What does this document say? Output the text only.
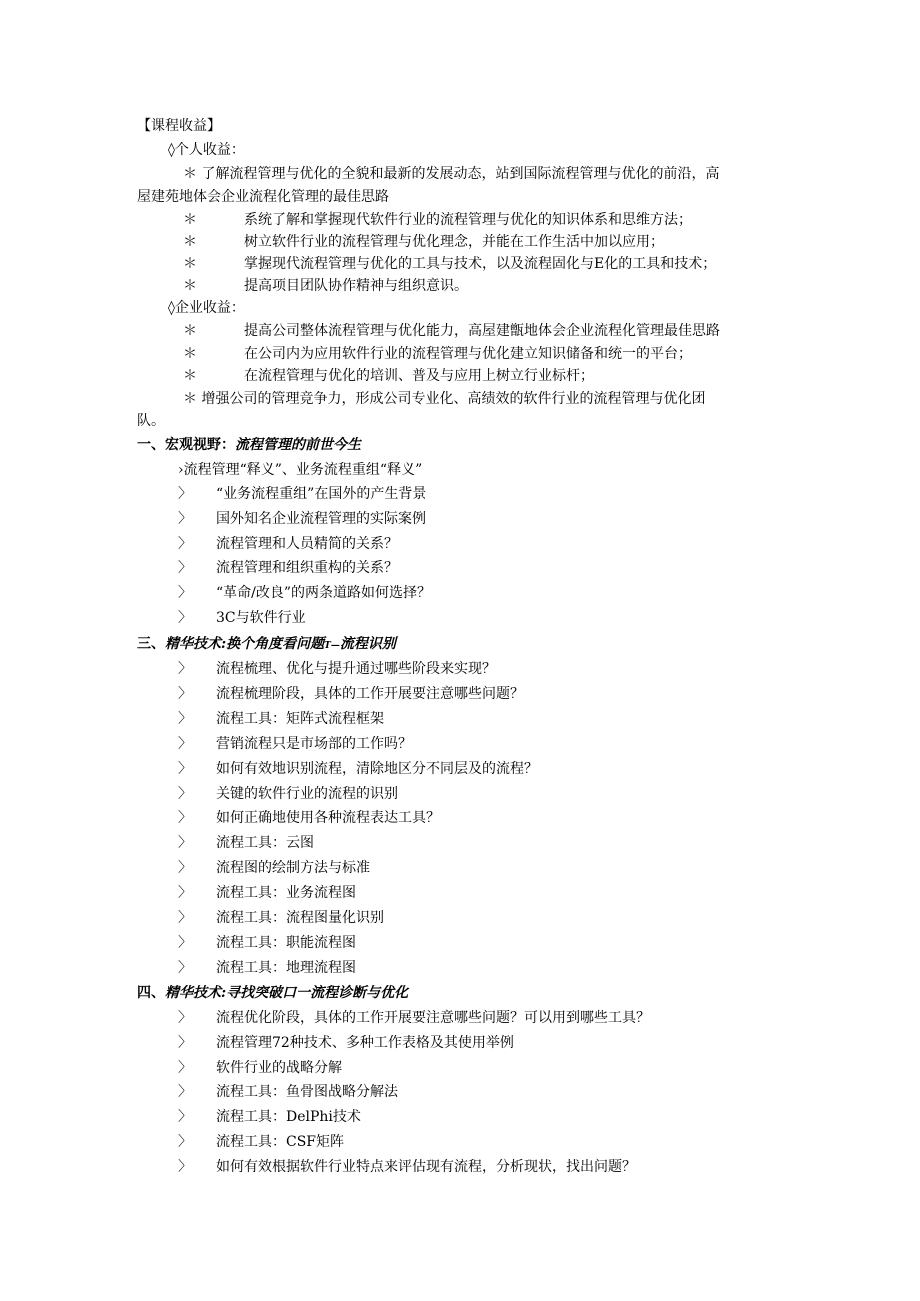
【课程收益】
◊个人收益：
＊ 了解流程管理与优化的全貌和最新的发展动态，站到国际流程管理与优化的前沿，高
屋建苑地体会企业流程化管理的最佳思路
＊	系统了解和掌握现代软件行业的流程管理与优化的知识体系和思维方法；
＊	树立软件行业的流程管理与优化理念，并能在工作生活中加以应用；
＊	掌握现代流程管理与优化的工具与技术，以及流程固化与E化的工具和技术；
＊	提高项目团队协作精神与组织意识。
◊企业收益：
＊	提高公司整体流程管理与优化能力，高屋建甑地体会企业流程化管理最佳思路
＊	在公司内为应用软件行业的流程管理与优化建立知识储备和统一的平台；
＊	在流程管理与优化的培训、普及与应用上树立行业标杆；
＊ 增强公司的管理竞争力，形成公司专业化、高绩效的软件行业的流程管理与优化团
队。
一、宏观视野：流程管理的前世今生
›流程管理“释义”、业务流程重组“释义”
〉 “业务流程重组”在国外的产生背景
〉 国外知名企业流程管理的实际案例
〉 流程管理和人员精简的关系？
〉 流程管理和组织重构的关系？
〉 “革命/改良”的两条道路如何选择？
〉 3C与软件行业
三、精华技术:换个角度看问题T—流程识别
〉 流程梳理、优化与提升通过哪些阶段来实现？
〉 流程梳理阶段，具体的工作开展要注意哪些问题？
〉 流程工具：矩阵式流程框架
〉 营销流程只是市场部的工作吗？
〉 如何有效地识别流程，清除地区分不同层及的流程？
〉 关键的软件行业的流程的识别
〉 如何正确地使用各种流程表达工具？
〉 流程工具：云图
〉 流程图的绘制方法与标准
〉 流程工具：业务流程图
〉 流程工具：流程图量化识别
〉 流程工具：职能流程图
〉 流程工具：地理流程图
四、精华技术:寻找突破口一流程诊断与优化
〉 流程优化阶段，具体的工作开展要注意哪些问题？可以用到哪些工具？
〉 流程管理72种技术、多种工作表格及其使用举例
〉 软件行业的战略分解
〉 流程工具：鱼骨图战略分解法
〉 流程工具：DelPhi技术
〉 流程工具：CSF矩阵
〉 如何有效根据软件行业特点来评估现有流程，分析现状，找出问题？
